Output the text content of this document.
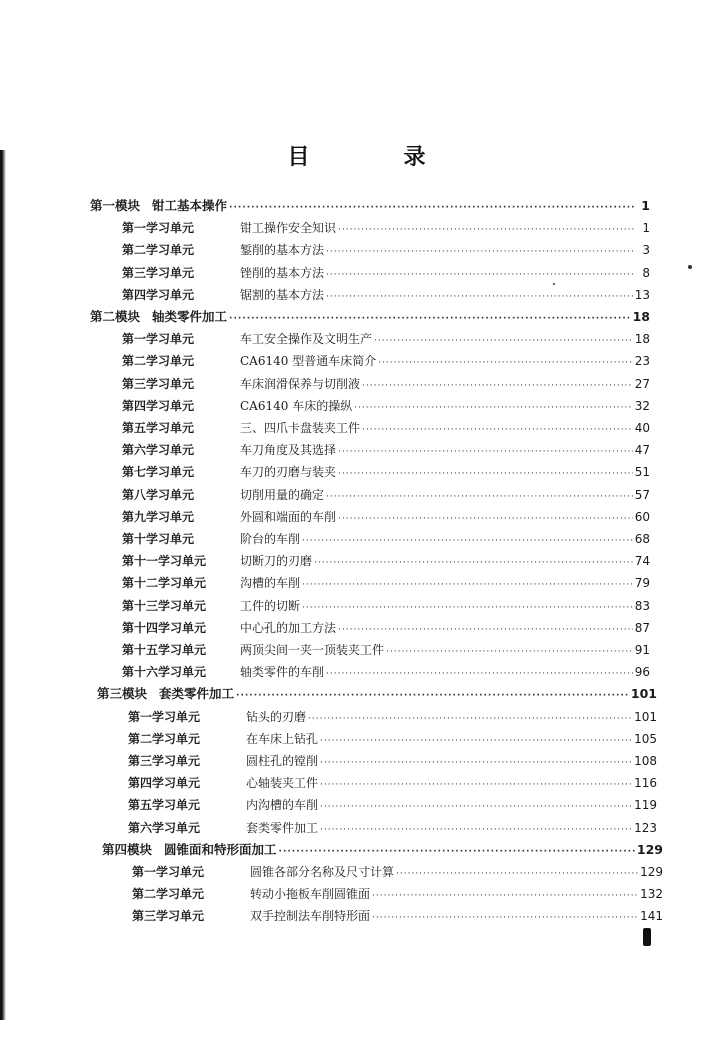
目　录
第一模块 钳工基本操作 ·····	1
第一学习单元	钳工操作安全知识 ·····	1
第二学习单元	錾削的基本方法 ·····	3
第三学习单元	锉削的基本方法 ·····	8
第四学习单元	锯割的基本方法 ·····	13
第二模块 轴类零件加工 ·····	18
第一学习单元	车工安全操作及文明生产 ·····	18
第二学习单元	CA6140 型普通车床简介 ·····	23
第三学习单元	车床润滑保养与切削液 ·····	27
第四学习单元	CA6140 车床的操纵 ·····	32
第五学习单元	三、四爪卡盘装夹工件 ·····	40
第六学习单元	车刀角度及其选择 ·····	47
第七学习单元	车刀的刃磨与装夹 ·····	51
第八学习单元	切削用量的确定 ·····	57
第九学习单元	外圆和端面的车削 ·····	60
第十学习单元	阶台的车削 ·····	68
第十一学习单元	切断刀的刃磨 ·····	74
第十二学习单元	沟槽的车削 ·····	79
第十三学习单元	工件的切断 ·····	83
第十四学习单元	中心孔的加工方法 ·····	87
第十五学习单元	两顶尖间一夹一顶装夹工件 ·····	91
第十六学习单元	轴类零件的车削 ·····	96
第三模块 套类零件加工 ·····	101
第一学习单元	钻头的刃磨 ·····	101
第二学习单元	在车床上钻孔 ·····	105
第三学习单元	圆柱孔的镗削 ·····	108
第四学习单元	心轴装夹工件 ·····	116
第五学习单元	内沟槽的车削 ·····	119
第六学习单元	套类零件加工 ·····	123
第四模块 圆锥面和特形面加工 ·····	129
第一学习单元	圆锥各部分名称及尺寸计算 ·····	129
第二学习单元	转动小拖板车削圆锥面 ·····	132
第三学习单元	双手控制法车削特形面 ·····	141
